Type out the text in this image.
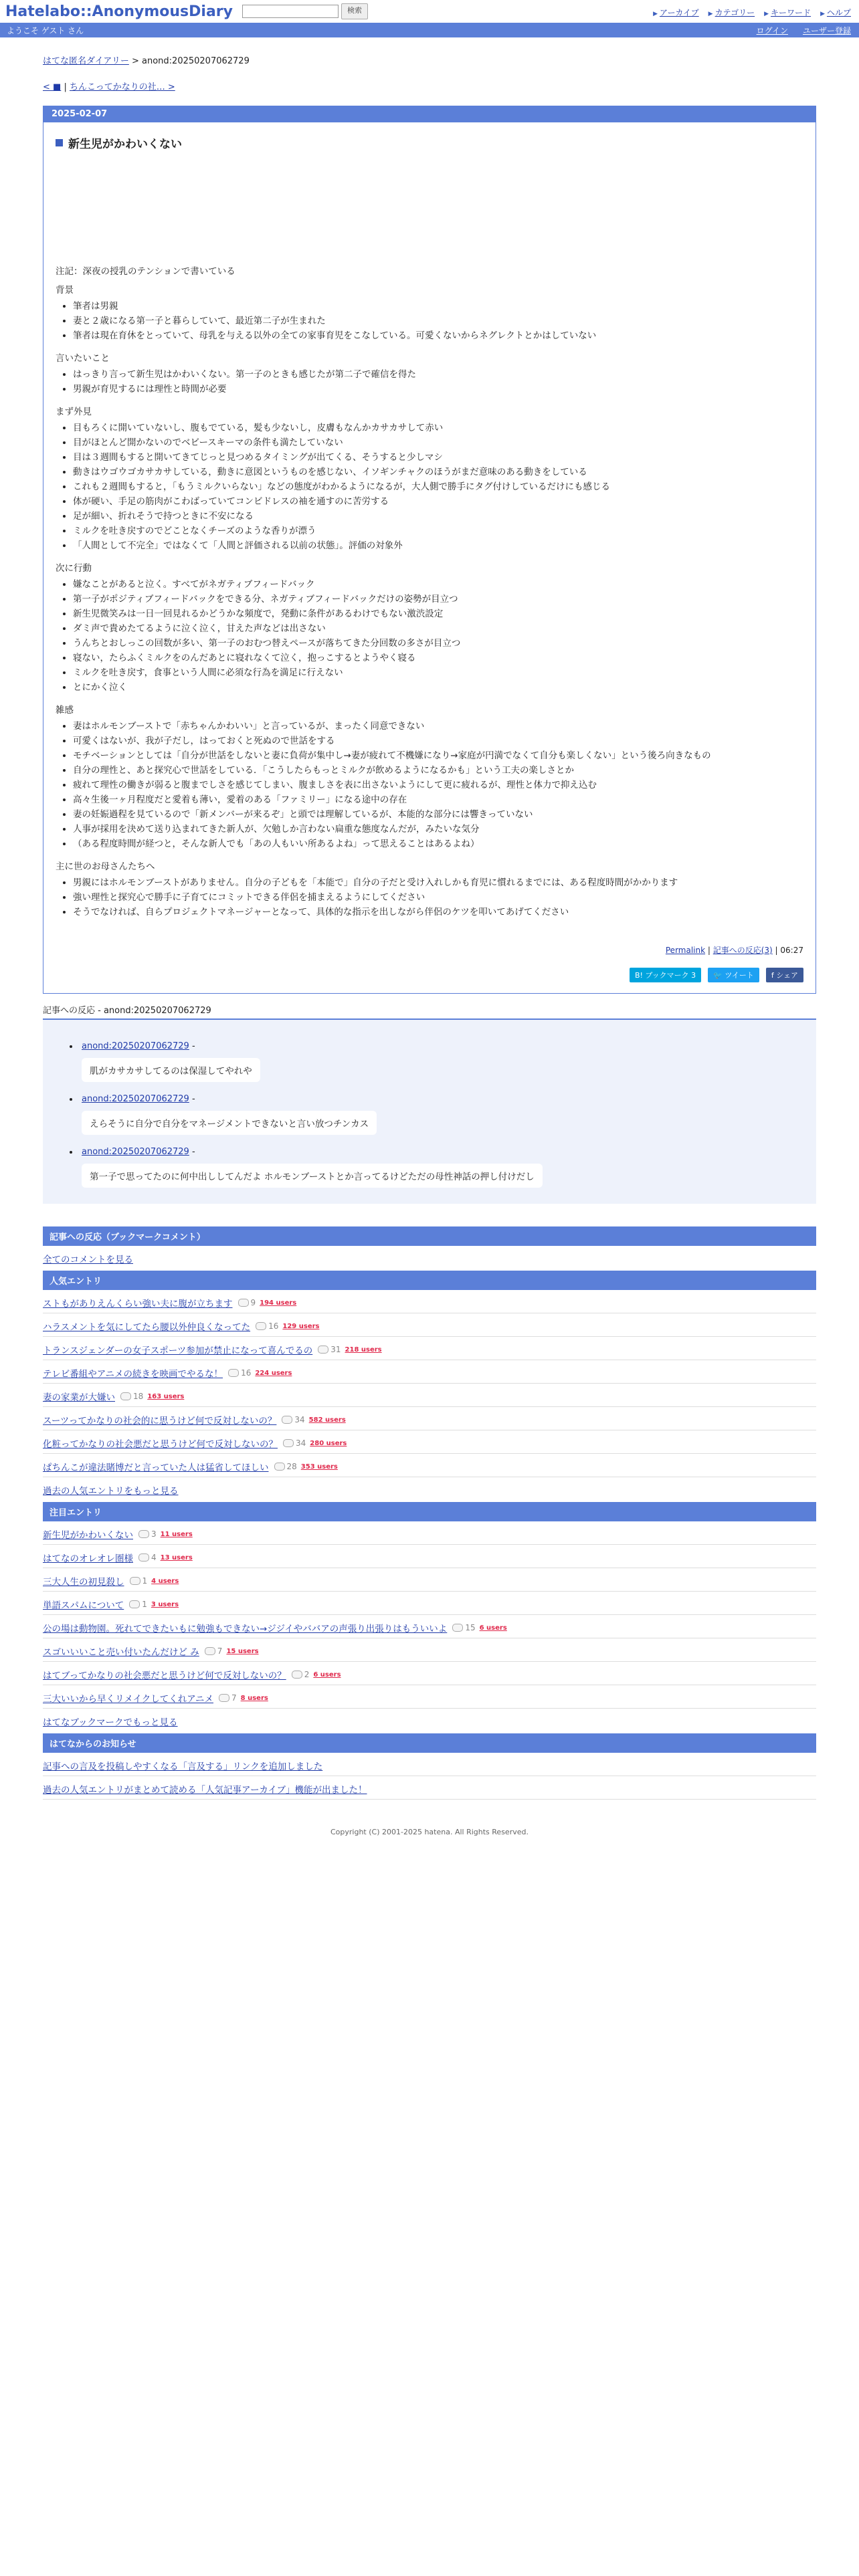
Hatelabo::AnonymousDiary	検索	▶ アーカイブ ▶ カテゴリー ▶ キーワード ▶ ヘルプ
ようこそ ゲスト さん	ログイン ユーザー登録
はてな匿名ダイアリー > anond:20250207062729
< ■ | ちんこってかなりの社… >
2025-02-07
新生児がかわいくない

注記：深夜の授乳のテンションで書いている

背景

• 筆者は男親
• 妻と２歳になる第一子と暮らしていて、最近第二子が生まれた
• 筆者は現在育休をとっていて、母乳を与える以外の全ての家事育児をこなしている。可愛くないからネグレクトとかはしていない

言いたいこと

• はっきり言って新生児はかわいくない。第一子のときも感じたが第二子で確信を得た
• 男親が育児するには理性と時間が必要

まず外見

• 目もろくに開いていないし、腹もでている，髪も少ないし，皮膚もなんかカサカサして赤い
• 目がほとんど開かないのでベビースキーマの条件も満たしていない
• 目は３週間もすると開いてきてじっと見つめるタイミングが出てくる、そうすると少しマシ
• 動きはウゴウゴカサカサしている，動きに意図というものを感じない、イソギンチャクのほうがまだ意味のある動きをしている
• これも２週間もすると，「もうミルクいらない」などの態度がわかるようになるが，大人側で勝手にタグ付けしているだけにも感じる
• 体が硬い、手足の筋肉がこわばっていてコンビドレスの袖を通すのに苦労する
• 足が細い、折れそうで持つときに不安になる
• ミルクを吐き戻すのでどことなくチーズのような香りが漂う
• 「人間として不完全」ではなくて「人間と評価される以前の状態」。評価の対象外

次に行動

• 嫌なことがあると泣く。すべてがネガティブフィードバック
• 第一子がポジティブフィードバックをできる分、ネガティブフィードバックだけの姿勢が目立つ
• 新生児微笑みは一日一回見れるかどうかな頻度で，発動に条件があるわけでもない激渋設定
• ダミ声で貴めたてるように泣く泣く，甘えた声などは出さない
• うんちとおしっこの回数が多い、第一子のおむつ替えペースが落ちてきた分回数の多さが目立つ
• 寝ない，たらふくミルクをのんだあとに寝れなくて泣く，抱っこするとようやく寝る
• ミルクを吐き戻す，食事という人間に必須な行為を満足に行えない
• とにかく泣く

雑感

• 妻はホルモンブーストで「赤ちゃんかわいい」と言っているが、まったく同意できない
• 可愛くはないが、我が子だし，はっておくと死ぬので世話をする
• モチベーションとしては「自分が世話をしないと妻に負荷が集中し→妻が疲れて不機嫌になり→家庭が円満でなくて自分も楽しくない」という後ろ向きなもの
• 自分の理性と、あと探究心で世話をしている．「こうしたらもっとミルクが飲めるようになるかも」という工夫の楽しさとか
• 疲れて理性の働きが弱ると腹までしさを感じてしまい、腹ましさを表に出さないようにして更に疲れるが、理性と体力で抑え込む
• 高々生後一ヶ月程度だと愛着も薄い，愛着のある「ファミリー」になる途中の存在
• 妻の妊娠過程を見ているので「新メンバーが来るぞ」と頭では理解しているが、本能的な部分には響きっていない
• 人事が採用を決めて送り込まれてきた新人が、欠勉しか言わない扁重な態度なんだが，みたいな気分
• （ある程度時間が経つと，そんな新人でも「あの人もいい所あるよね」って思えることはあるよね）

主に世のお母さんたちへ

• 男親にはホルモンブーストがありません。自分の子どもを「本能で」自分の子だと受け入れしかも育児に慣れるまでには、ある程度時間がかかります
• 強い理性と探究心で勝手に子育てにコミットできる伴侶を捕まえるようにしてください
• そうでなければ、自らプロジェクトマネージャーとなって、具体的な指示を出しながら伴侶のケツを叩いてあげてください
Permalink | 記事への反応(3) | 06:27
B! ブックマーク 3	🐦 ツイート	f シェア
記事への反応 - anond:20250207062729
• anond:20250207062729 -
肌がカサカサしてるのは保湿してやれや
• anond:20250207062729 -
えらそうに自分で自分をマネージメントできないと言い放つチンカス
• anond:20250207062729 -
第一子で思ってたのに何中出ししてんだよ ホルモンブーストとか言ってるけどただの母性神話の押し付けだし
記事への反応（ブックマークコメント）
全てのコメントを見る
人気エントリ
ストもがありえんくらい強い夫に腹が立ちます 9 194 users
ハラスメントを気にしてたら腰以外仲良くなってた 16 129 users
トランスジェンダーの女子スポーツ参加が禁止になって喜んでるの 31 218 users
テレビ番組やアニメの続きを映画でやるな！ 16 224 users
妻の家業が大嫌い 18 163 users
スーツってかなりの社会的に思うけど何で反対しないの？ 34 582 users
化粧ってかなりの社会悪だと思うけど何で反対しないの？ 34 280 users
ぱちんこが違法賭博だと言っていた人は猛省してほしい 28 353 users
過去の人気エントリをもっと見る
注目エントリ
新生児がかわいくない 3 11 users
はてなのオレオレ圏様 4 13 users
三大人生の初見殺し 1 4 users
単語スパムについて 1 3 users
公の場は動物園。死れてできたいもに勉強もできない→ジジイやババアの声張り出張りはもういいよ 15 6 users
スゴいいいこと売い付いたんだけど み 7 15 users
はてブってかなりの社会悪だと思うけど何で反対しないの？ 2 6 users
三大いいから早くリメイクしてくれアニメ 7 8 users
はてなブックマークでもっと見る
はてなからのお知らせ
記事への言及を投稿しやすくなる「言及する」リンクを追加しました
過去の人気エントリがまとめて読める「人気記事アーカイブ」機能が出ました！
Copyright (C) 2001-2025 hatena. All Rights Reserved.
